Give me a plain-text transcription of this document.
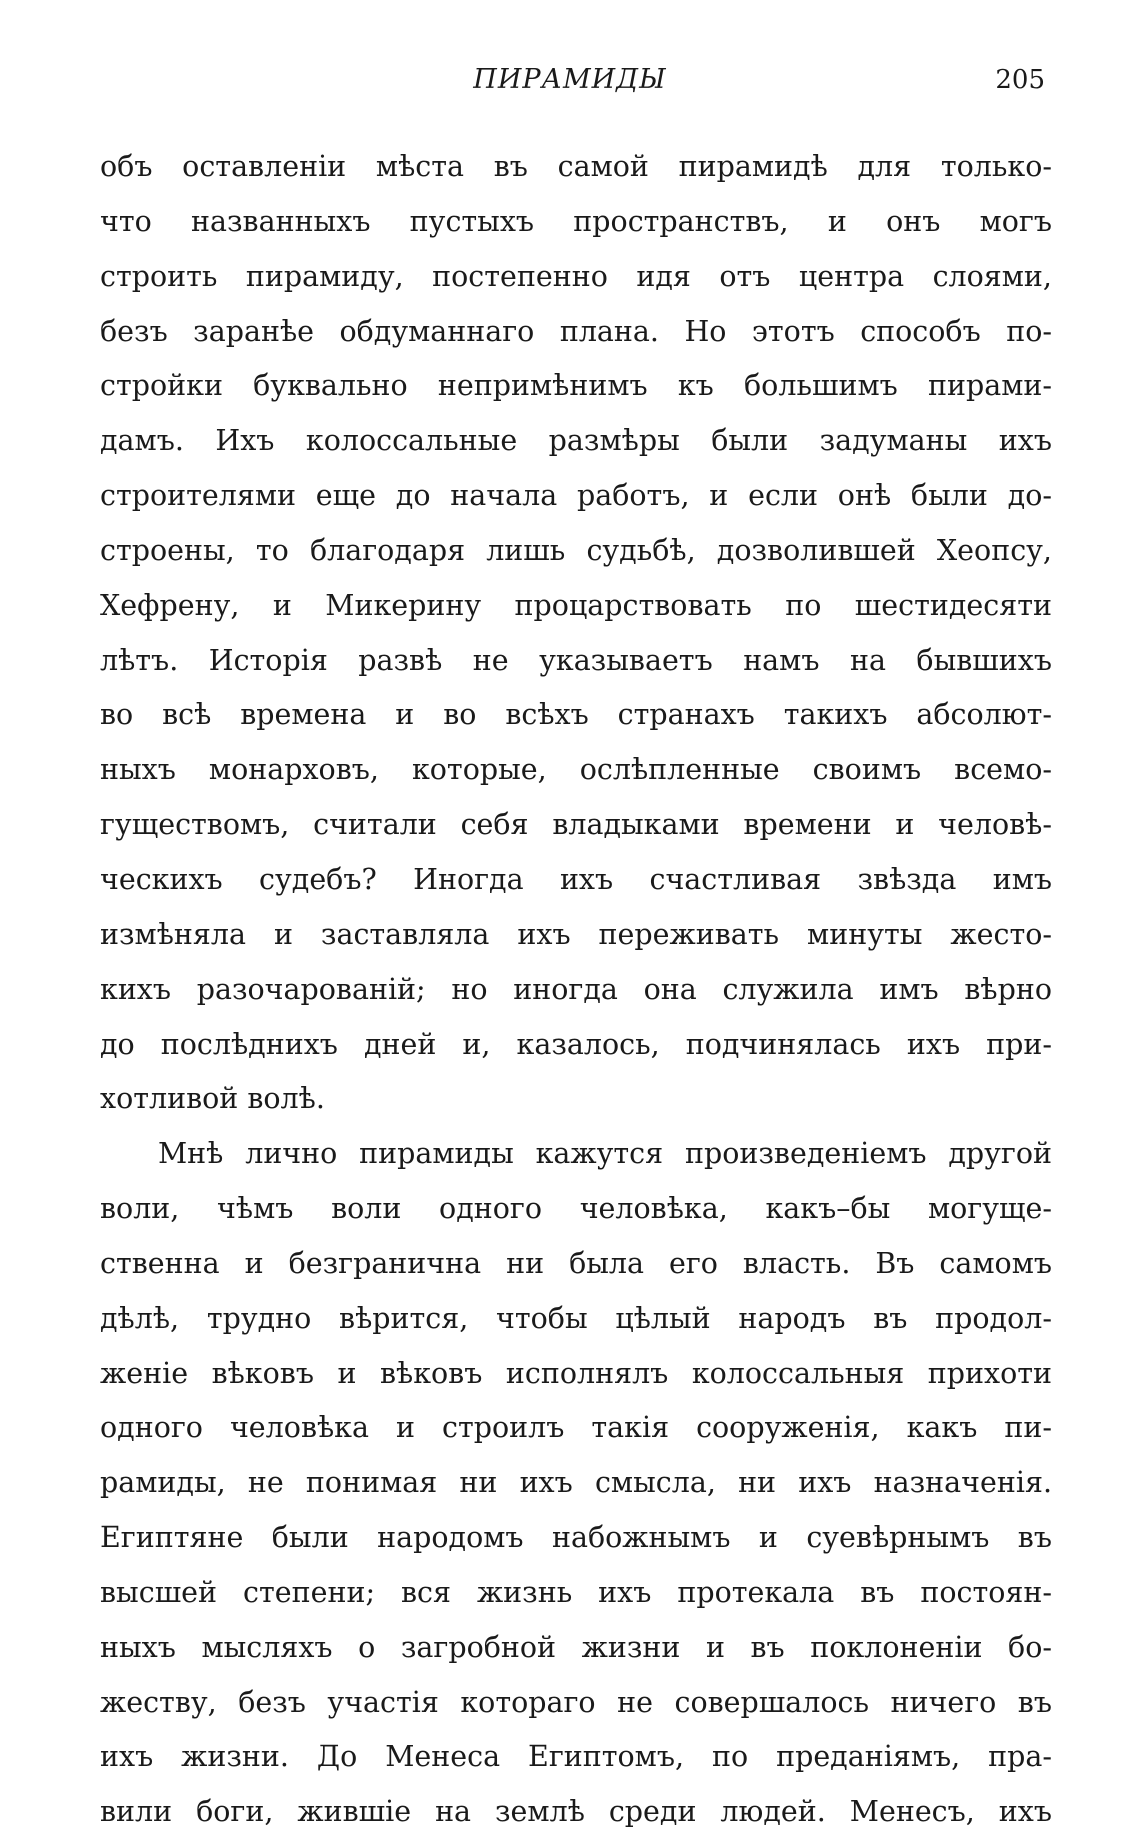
ПИРАМИДЫ	205
объ оставленіи мѣста въ самой пирамидѣ для только-
что названныхъ пустыхъ пространствъ, и онъ могъ
строить пирамиду, постепенно идя отъ центра слоями,
безъ заранѣе обдуманнаго плана. Но этотъ способъ по-
стройки буквально непримѣнимъ къ большимъ пирами-
дамъ. Ихъ колоссальные размѣры были задуманы ихъ
строителями еще до начала работъ, и если онѣ были до-
строены, то благодаря лишь судьбѣ, дозволившей Хеопсу,
Хефрену, и Микерину процарствовать по шестидесяти
лѣтъ. Исторія развѣ не указываетъ намъ на бывшихъ
во всѣ времена и во всѣхъ странахъ такихъ абсолют-
ныхъ монарховъ, которые, ослѣпленные своимъ всемо-
гуществомъ, считали себя владыками времени и человѣ-
ческихъ судебъ? Иногда ихъ счастливая звѣзда имъ
измѣняла и заставляла ихъ переживать минуты жесто-
кихъ разочарованій; но иногда она служила имъ вѣрно
до послѣднихъ дней и, казалось, подчинялась ихъ при-
хотливой волѣ.
Мнѣ лично пирамиды кажутся произведеніемъ другой
воли, чѣмъ воли одного человѣка, какъ–бы могуще-
ственна и безгранична ни была его власть. Въ самомъ
дѣлѣ, трудно вѣрится, чтобы цѣлый народъ въ продол-
женіе вѣковъ и вѣковъ исполнялъ колоссальныя прихоти
одного человѣка и строилъ такія сооруженія, какъ пи-
рамиды, не понимая ни ихъ смысла, ни ихъ назначенія.
Египтяне были народомъ набожнымъ и суевѣрнымъ въ
высшей степени; вся жизнь ихъ протекала въ постоян-
ныхъ мысляхъ о загробной жизни и въ поклоненіи бо-
жеству, безъ участія котораго не совершалось ничего въ
ихъ жизни. До Менеса Египтомъ, по преданіямъ, пра-
вили боги, жившіе на землѣ среди людей. Менесъ, ихъ
